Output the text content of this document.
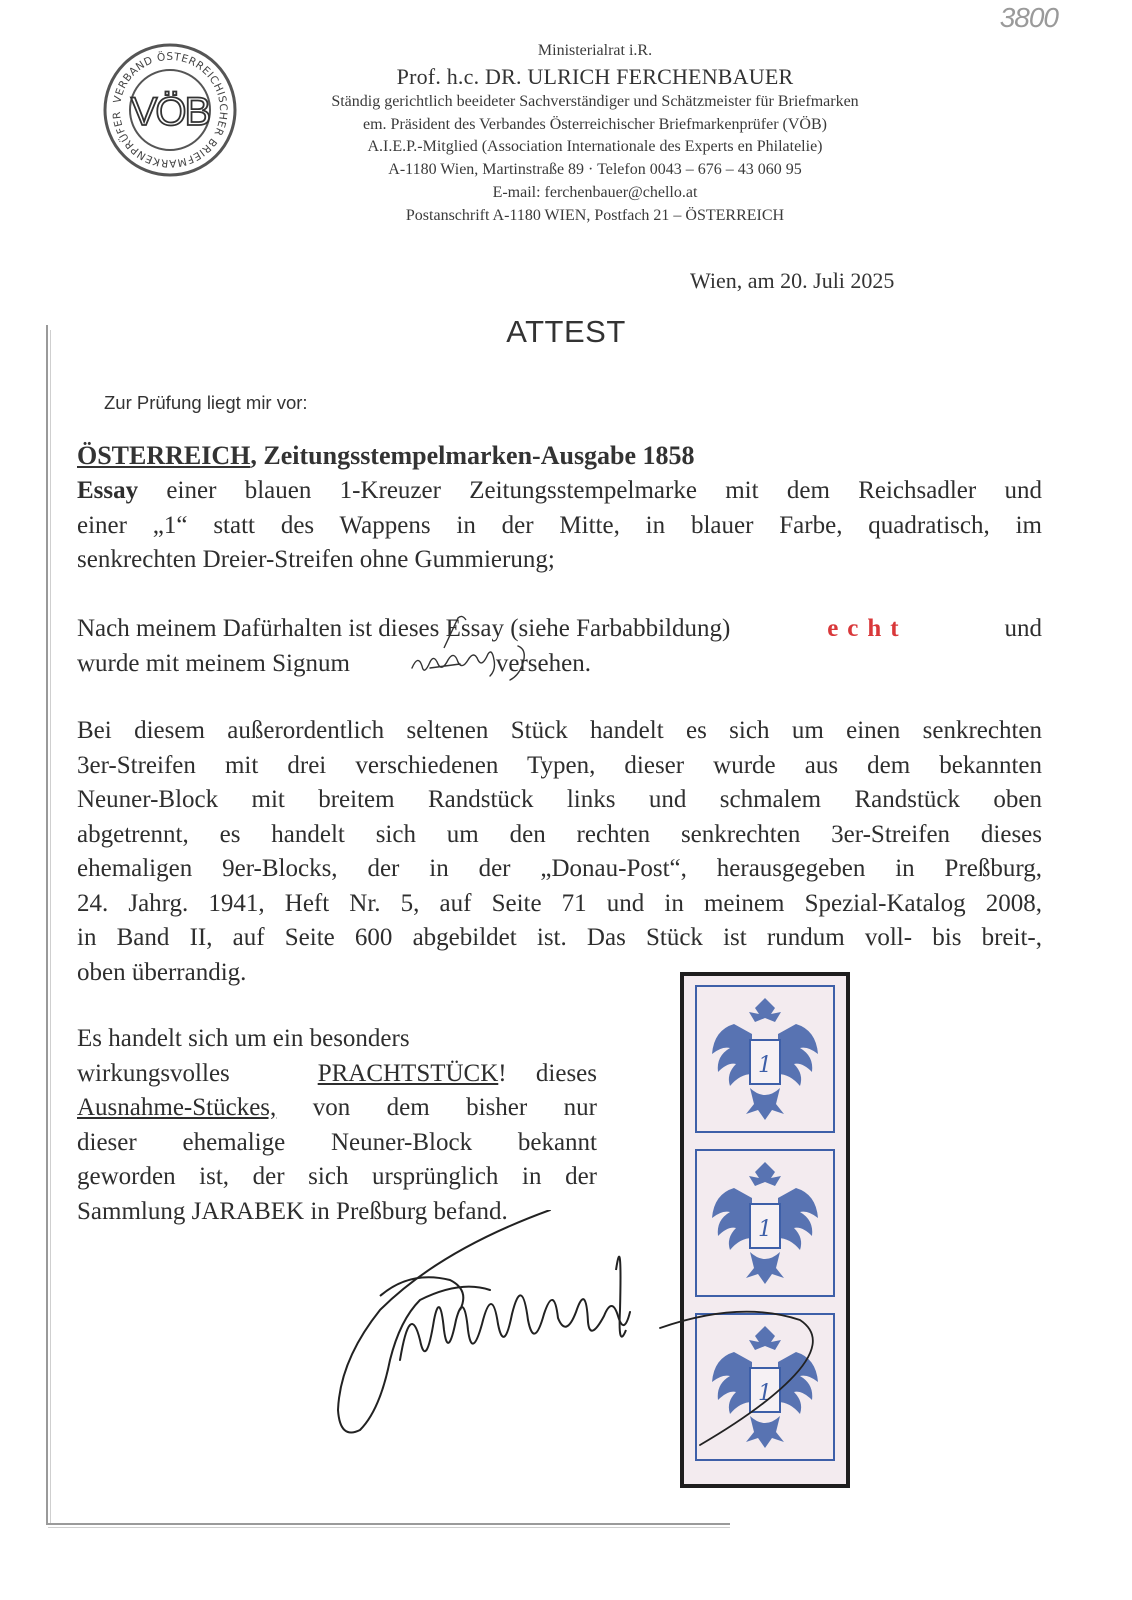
3800
VERBAND ÖSTERREICHISCHER BRIEFMARKENPRÜFER VÖB
Ministerialrat i.R.
Prof. h.c. DR. ULRICH FERCHENBAUER
Ständig gerichtlich beeideter Sachverständiger und Schätzmeister für Briefmarken
em. Präsident des Verbandes Österreichischer Briefmarkenprüfer (VÖB)
A.I.E.P.-Mitglied (Association Internationale des Experts en Philatelie)
A-1180 Wien, Martinstraße 89 · Telefon 0043 – 676 – 43 060 95
E-mail: ferchenbauer@chello.at
Postanschrift A-1180 WIEN, Postfach 21 – ÖSTERREICH
Wien, am 20. Juli 2025
ATTEST
Zur Prüfung liegt mir vor:
ÖSTERREICH, Zeitungsstempelmarken-Ausgabe 1858
Essay einer blauen 1-Kreuzer Zeitungsstempelmarke mit dem Reichsadler und
einer „1“ statt des Wappens in der Mitte, in blauer Farbe, quadratisch, im
senkrechten Dreier-Streifen ohne Gummierung;
Nach meinem Dafürhalten ist dieses Essay (siehe Farbabbildung)	echt	und
wurde mit meinem Signum	versehen.
Bei diesem außerordentlich seltenen Stück handelt es sich um einen senkrechten
3er-Streifen mit drei verschiedenen Typen, dieser wurde aus dem bekannten
Neuner-Block mit breitem Randstück links und schmalem Randstück oben
abgetrennt, es handelt sich um den rechten senkrechten 3er-Streifen dieses
ehemaligen 9er-Blocks, der in der „Donau-Post“, herausgegeben in Preßburg,
24. Jahrg. 1941, Heft Nr. 5, auf Seite 71 und in meinem Spezial-Katalog 2008,
in Band II, auf Seite 600 abgebildet ist. Das Stück ist rundum voll- bis breit-,
oben überrandig.
Es handelt sich um ein besonders
wirkungsvolles	PRACHTSTÜCK! dieses
Ausnahme-Stückes, von dem bisher nur
dieser ehemalige Neuner-Block bekannt
geworden ist, der sich ursprünglich in der
Sammlung JARABEK in Preßburg befand.
1
1
1
